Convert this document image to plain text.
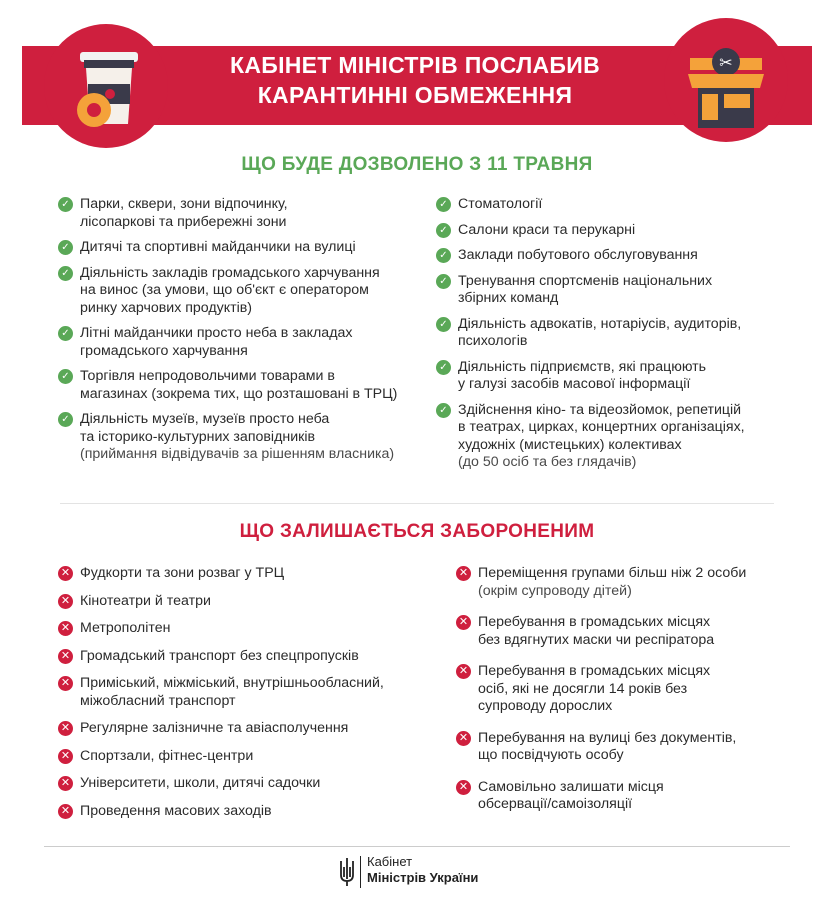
✂
КАБІНЕТ МІНІСТРІВ ПОСЛАБИВ
КАРАНТИННІ ОБМЕЖЕННЯ
ЩО БУДЕ ДОЗВОЛЕНО З 11 ТРАВНЯ
✓ Парки, сквери, зони відпочинку,
лісопаркові та прибережні зони
✓ Дитячі та спортивні майданчики на вулиці
✓ Діяльність закладів громадського харчування
на винос (за умови, що об'єкт є оператором
ринку харчових продуктів)
✓ Літні майданчики просто неба в закладах
громадського харчування
✓ Торгівля непродовольчими товарами в
магазинах (зокрема тих, що розташовані в ТРЦ)
✓ Діяльність музеїв, музеїв просто неба
та історико-культурних заповідників
(приймання відвідувачів за рішенням власника)
✓ Стоматології
✓ Салони краси та перукарні
✓ Заклади побутового обслуговування
✓ Тренування спортсменів національних
збірних команд
✓ Діяльність адвокатів, нотаріусів, аудиторів,
психологів
✓ Діяльність підприємств, які працюють
у галузі засобів масової інформації
✓ Здійснення кіно- та відеозйомок, репетицій
в театрах, цирках, концертних організаціях,
художніх (мистецьких) колективах
(до 50 осіб та без глядачів)
ЩО ЗАЛИШАЄТЬСЯ ЗАБОРОНЕНИМ
✕ Фудкорти та зони розваг у ТРЦ
✕ Кінотеатри й театри
✕ Метрополітен
✕ Громадський транспорт без спецпропусків
✕ Приміський, міжміський, внутрішньообласний,
міжобласний транспорт
✕ Регулярне залізничне та авіасполучення
✕ Спортзали, фітнес-центри
✕ Університети, школи, дитячі садочки
✕ Проведення масових заходів
✕ Переміщення групами більш ніж 2 особи
(окрім супроводу дітей)
✕ Перебування в громадських місцях
без вдягнутих маски чи респіратора
✕ Перебування в громадських місцях
осіб, які не досягли 14 років без
супроводу дорослих
✕ Перебування на вулиці без документів,
що посвідчують особу
✕ Самовільно залишати місця
обсервації/самоізоляції
Кабінет
Міністрів України
